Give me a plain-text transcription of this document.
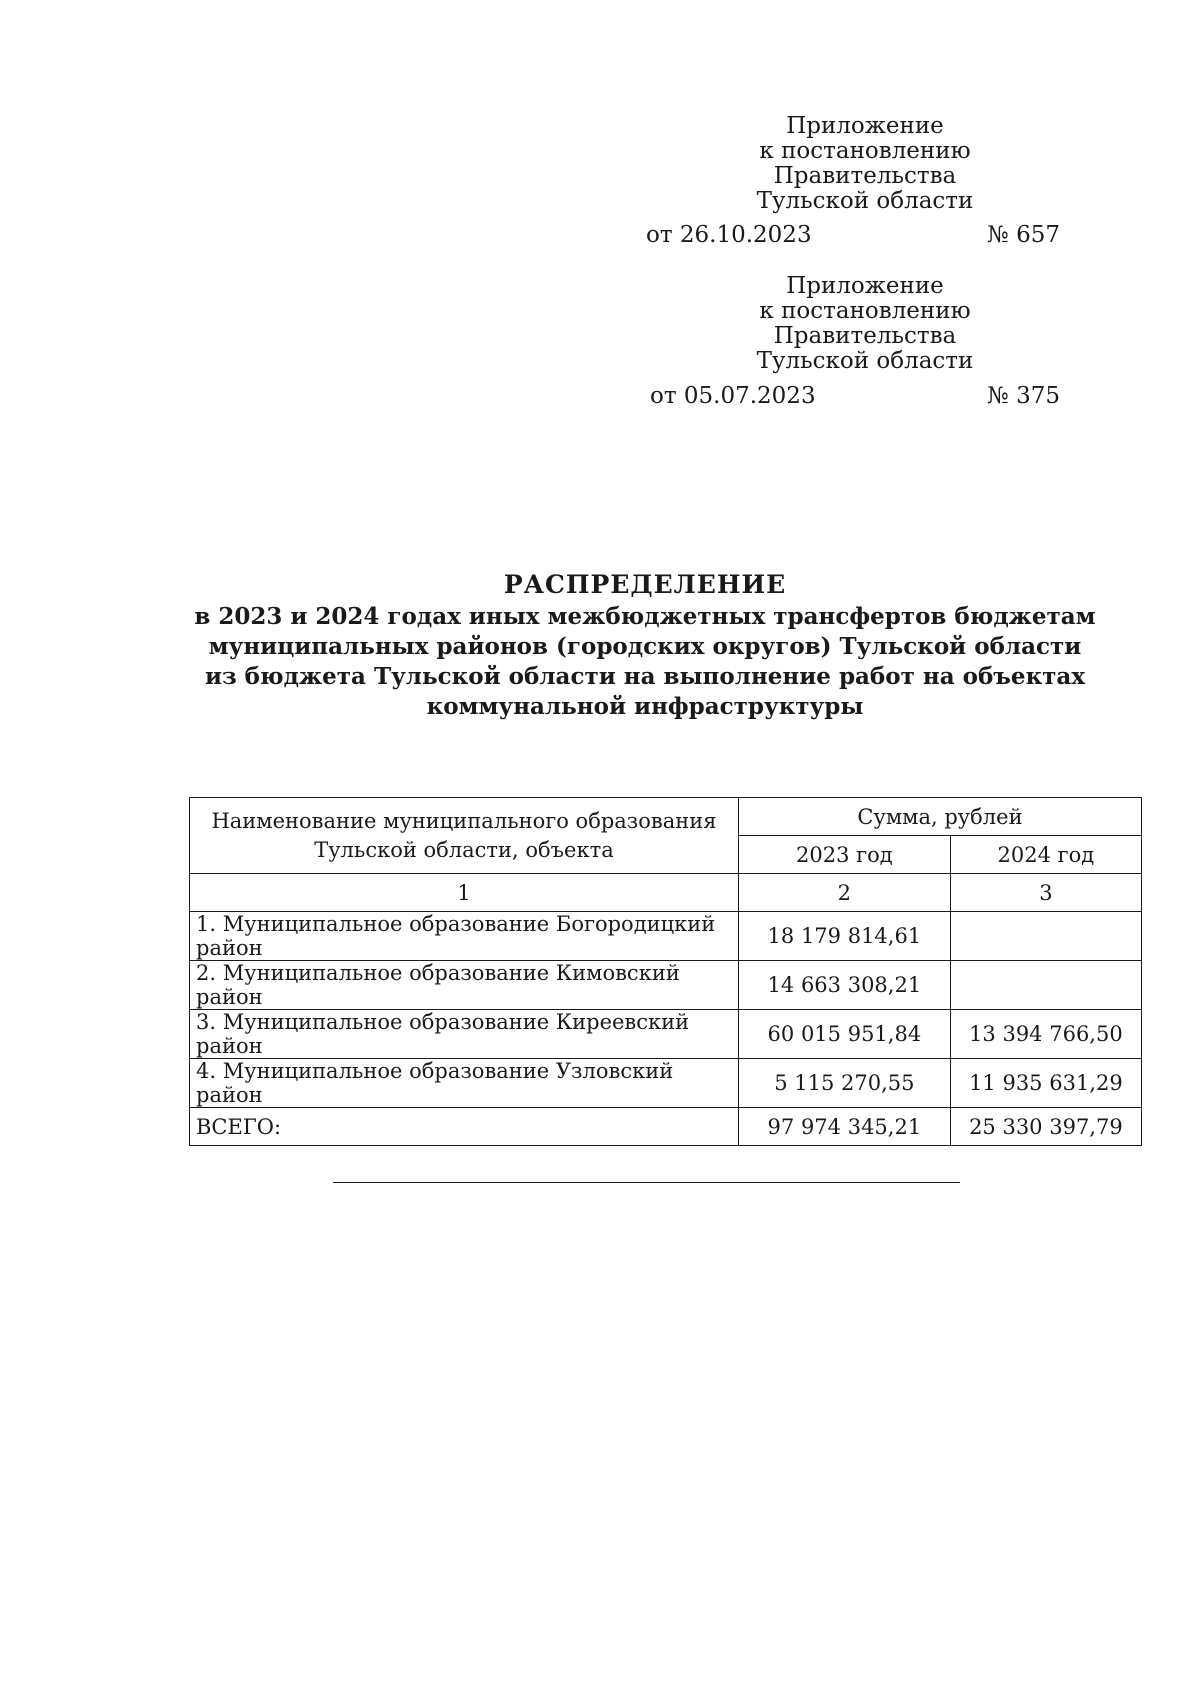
Приложение
к постановлению Правительства
Тульской области
от 26.10.2023	№ 657
Приложение
к постановлению Правительства
Тульской области
от 05.07.2023	№ 375
РАСПРЕДЕЛЕНИЕ
в 2023 и 2024 годах иных межбюджетных трансфертов бюджетам
муниципальных районов (городских округов) Тульской области
из бюджета Тульской области на выполнение работ на объектах
коммунальной инфраструктуры
Наименование муниципального образования
Тульской области, объекта	Сумма, рублей	
	2023 год	2024 год
1	2	3
1. Муниципальное образование Богородицкий район	18 179 814,61	
2. Муниципальное образование Кимовский район	14 663 308,21	
3. Муниципальное образование Киреевский район	60 015 951,84	13 394 766,50
4. Муниципальное образование Узловский район	5 115 270,55	11 935 631,29
ВСЕГО:	97 974 345,21	25 330 397,79
